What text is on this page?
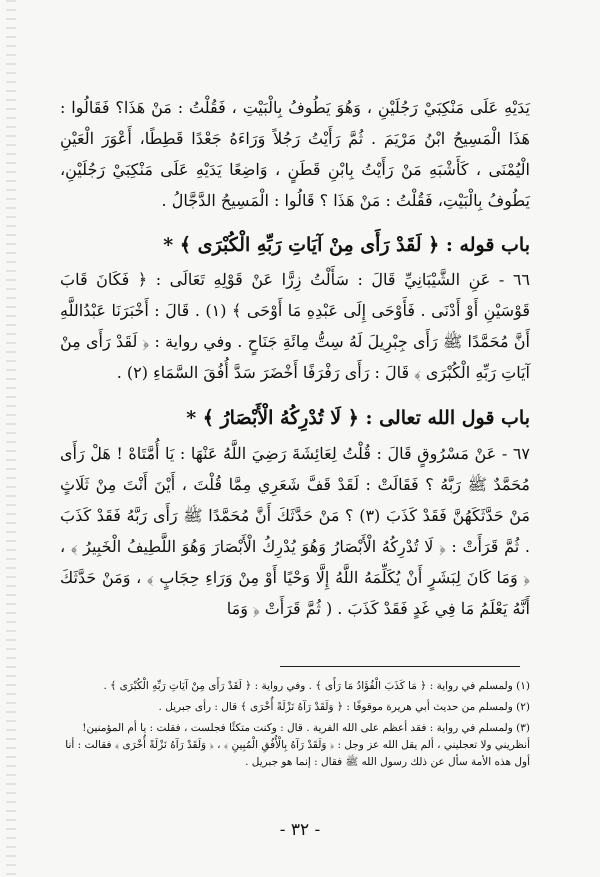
يَدَيْهِ عَلَى مَنْكِبَيْ رَجُلَيْنِ ، وَهُوَ يَطُوفُ بِالْبَيْتِ ، فَقُلْتُ : مَنْ هَذَا؟ فَقَالُوا : هَذَا الْمَسِيحُ ابْنُ مَرْيَمَ . ثُمَّ رَأَيْتُ رَجُلاً وَرَاءَهُ جَعْدًا قَطِطًا، أَعْوَرَ الْعَيْنِ الْيُمْنَى ، كَأَشْبَهِ مَنْ رَأَيْتُ بِابْنِ قَطَنٍ ، وَاضِعًا يَدَيْهِ عَلَى مَنْكِبَيْ رَجُلَيْنِ، يَطُوفُ بِالْبَيْتِ، فَقُلْتُ : مَنْ هَذَا ؟ قَالُوا : الْمَسِيحُ الدَّجَّالُ .

باب قوله : ﴿ لَقَدْ رَأَى مِنْ آيَاتِ رَبِّهِ الْكُبْرَى ﴾ *

٦٦ - عَنِ الشَّيْبَانِيِّ قَالَ : سَأَلْتُ زِرًّا عَنْ قَوْلِهِ تَعَالَى : ﴿ فَكَانَ قَابَ قَوْسَيْنِ أَوْ أَدْنَى . فَأَوْحَى إِلَى عَبْدِهِ مَا أَوْحَى ﴾ (١) . قَالَ : أَخْبَرَنَا عَبْدُاللَّهِ أَنَّ مُحَمَّدًا ﷺ رَأَى جِبْرِيلَ لَهُ سِتُّ مِائَةِ جَنَاحٍ . وفي رواية : ﴿ لَقَدْ رَأَى مِنْ آيَاتِ رَبِّهِ الْكُبْرَى ﴾ قَالَ : رَأَى رَفْرَفًا أَخْضَرَ سَدَّ أُفُقَ السَّمَاءِ (٢) .

باب قول الله تعالى : ﴿ لَا تُدْرِكُهُ الْأَبْصَارُ ﴾ *

٦٧ - عَنْ مَسْرُوقٍ قَالَ : قُلْتُ لِعَائِشَةَ رَضِيَ اللَّهُ عَنْهَا : يَا أُمَّتَاهْ ! هَلْ رَأَى مُحَمَّدٌ ﷺ رَبَّهُ ؟ فَقَالَتْ : لَقَدْ قَفَّ شَعَرِي مِمَّا قُلْتَ ، أَيْنَ أَنْتَ مِنْ ثَلَاثٍ مَنْ حَدَّثَكَهُنَّ فَقَدْ كَذَبَ (٣) ؟ مَنْ حَدَّثَكَ أَنَّ مُحَمَّدًا ﷺ رَأَى رَبَّهُ فَقَدْ كَذَبَ . ثُمَّ قَرَأَتْ : ﴿ لَا تُدْرِكُهُ الْأَبْصَارُ وَهُوَ يُدْرِكُ الْأَبْصَارَ وَهُوَ اللَّطِيفُ الْخَبِيرُ ﴾ ، ﴿ وَمَا كَانَ لِبَشَرٍ أَنْ يُكَلِّمَهُ اللَّهُ إِلَّا وَحْيًا أَوْ مِنْ وَرَاءِ حِجَابٍ ﴾ ، وَمَنْ حَدَّثَكَ أَنَّهُ يَعْلَمُ مَا فِي غَدٍ فَقَدْ كَذَبَ . ( ثُمَّ قَرَأَتْ ﴿ وَمَا

(١) ولمسلم في رواية : ﴿ مَا كَذَبَ الْفُؤَادُ مَا رَأَى ﴾ . وفي رواية : ﴿ لَقَدْ رَأَى مِنْ آيَاتِ رَبِّهِ الْكُبْرَى ﴾ .

(٢) ولمسلم من حديث أبي هريرة موقوفًا : ﴿ وَلَقَدْ رَآهُ نَزْلَةً أُخْرَى ﴾ قال : رأى جبريل .

(٣) ولمسلم في رواية : فقد أعظم على الله الفرية . قال : وكنت متكئًا فجلست ، فقلت : يا أم المؤمنين! أنظريني ولا تعجليني ، ألم يقل الله عز وجل : ﴿ وَلَقَدْ رَآهُ بِالْأُفُقِ الْمُبِينِ ﴾ ، ﴿ وَلَقَدْ رَآهُ نَزْلَةً أُخْرَى ﴾ فقالت : أنا أول هذه الأمة سأل عن ذلك رسول الله ﷺ فقال : إنما هو جبريل .

- ٣٢ -
